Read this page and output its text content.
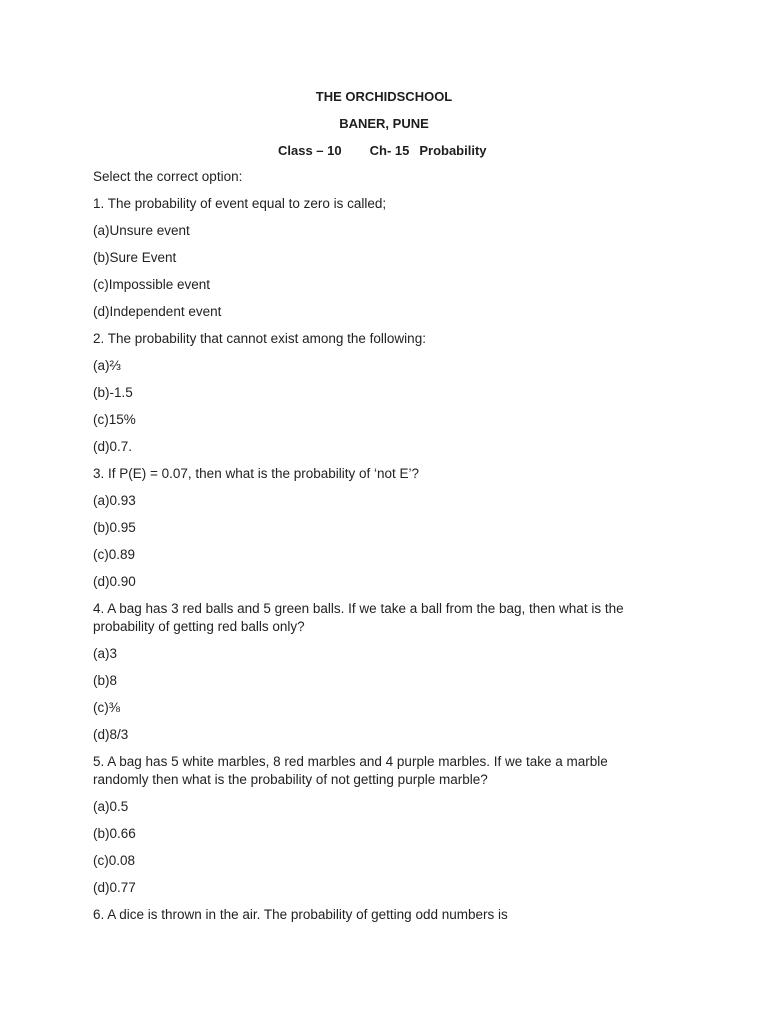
THE ORCHIDSCHOOL
BANER, PUNE
Class – 10 Ch- 15 Probability
Select the correct option:
1. The probability of event equal to zero is called;
(a)Unsure event
(b)Sure Event
(c)Impossible event
(d)Independent event
2. The probability that cannot exist among the following:
(a)⅔
(b)-1.5
(c)15%
(d)0.7.
3. If P(E) = 0.07, then what is the probability of ‘not E’?
(a)0.93
(b)0.95
(c)0.89
(d)0.90
4. A bag has 3 red balls and 5 green balls. If we take a ball from the bag, then what is the probability of getting red balls only?
(a)3
(b)8
(c)⅜
(d)8/3
5. A bag has 5 white marbles, 8 red marbles and 4 purple marbles. If we take a marble randomly then what is the probability of not getting purple marble?
(a)0.5
(b)0.66
(c)0.08
(d)0.77
6. A dice is thrown in the air. The probability of getting odd numbers is
